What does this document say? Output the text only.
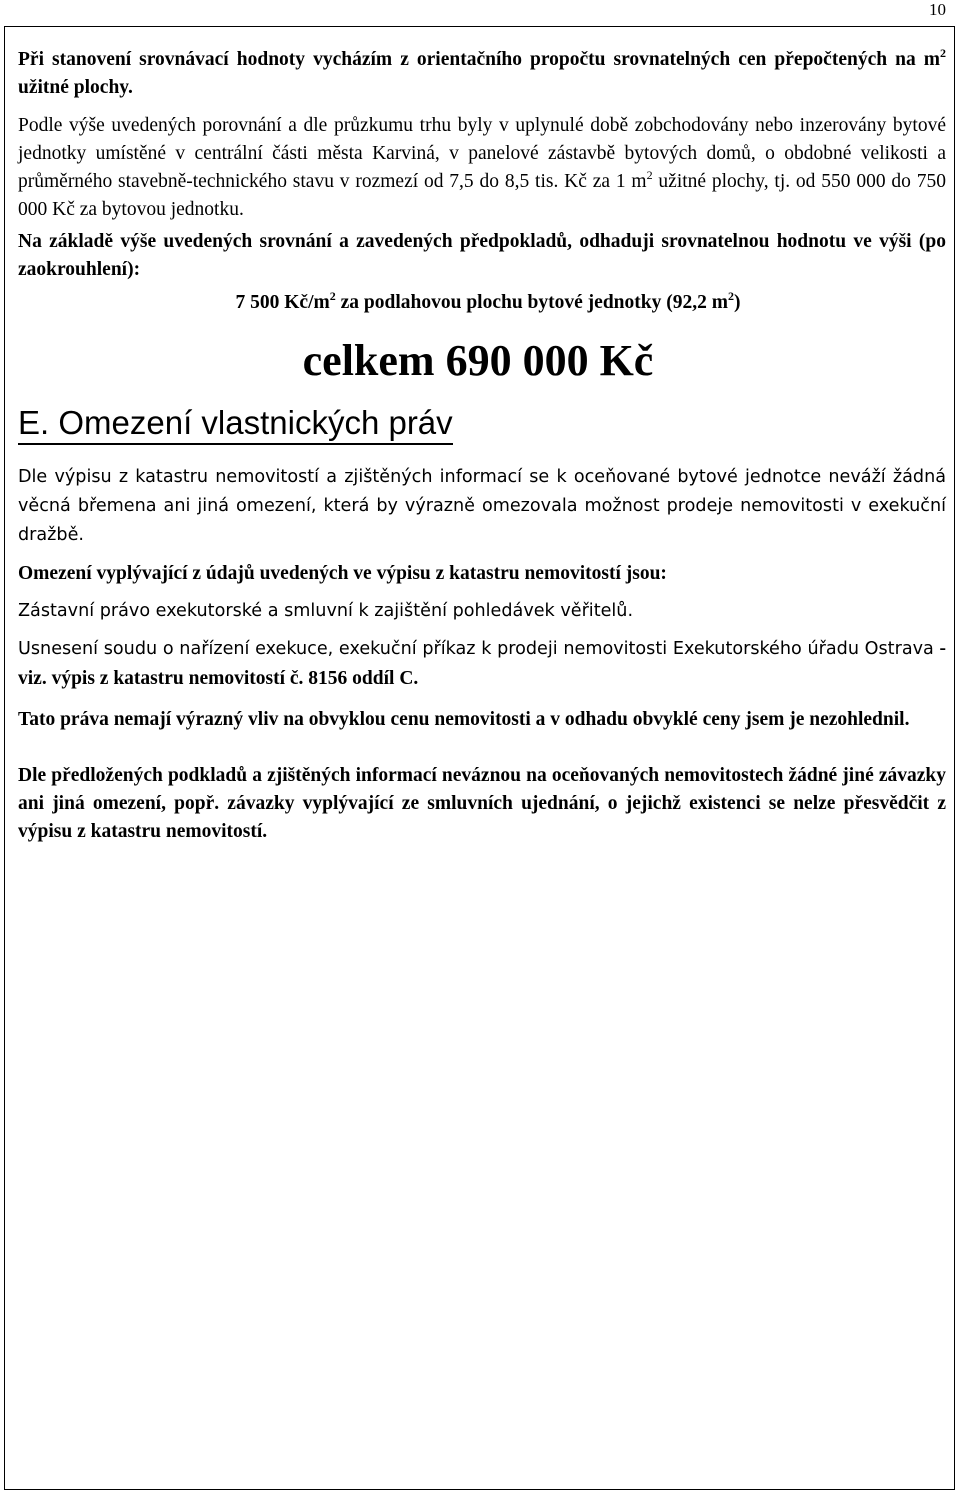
10

Při stanovení srovnávací hodnoty vycházím z orientačního propočtu srovnatelných cen přepočtených na $m^2$ užitné plochy.

Podle výše uvedených porovnání a dle průzkumu trhu byly v uplynulé době zobchodovány nebo inzerovány bytové jednotky umístěné v centrální části města Karviná, v panelové zástavbě bytových domů, o obdobné velikosti a průměrného stavebně-technického stavu v rozmezí od 7,5 do 8,5 tis. Kč za 1 $m^2$ užitné plochy, tj. od 550 000 do 750 000 Kč za bytovou jednotku.

Na základě výše uvedených srovnání a zavedených předpokladů, odhaduji srovnatelnou hodnotu ve výši (po zaokrouhlení):

7 500 $Kč/m^2$ za podlahovou plochu bytové jednotky (92,2 $m^2$)

celkem 690 000 Kč

E. Omezení vlastnických práv

Dle výpisu z katastru nemovitostí a zjištěných informací se k oceňované bytové jednotce neváží žádná věcná břemena ani jiná omezení, která by výrazně omezovala možnost prodeje nemovitosti v exekuční dražbě.

Omezení vyplývající z údajů uvedených ve výpisu z katastru nemovitostí jsou:

Zástavní právo exekutorské a smluvní k zajištění pohledávek věřitelů.

Usnesení soudu o nařízení exekuce, exekuční příkaz k prodeji nemovitosti Exekutorského úřadu Ostrava - viz. výpis z katastru nemovitostí č. 8156 oddíl C.

Tato práva nemají výrazný vliv na obvyklou cenu nemovitosti a v odhadu obvyklé ceny jsem je nezohlednil.

Dle předložených podkladů a zjištěných informací neváznou na oceňovaných nemovitostech žádné jiné závazky ani jiná omezení, popř. závazky vyplývající ze smluvních ujednání, o jejichž existenci se nelze přesvědčit z výpisu z katastru nemovitostí.
